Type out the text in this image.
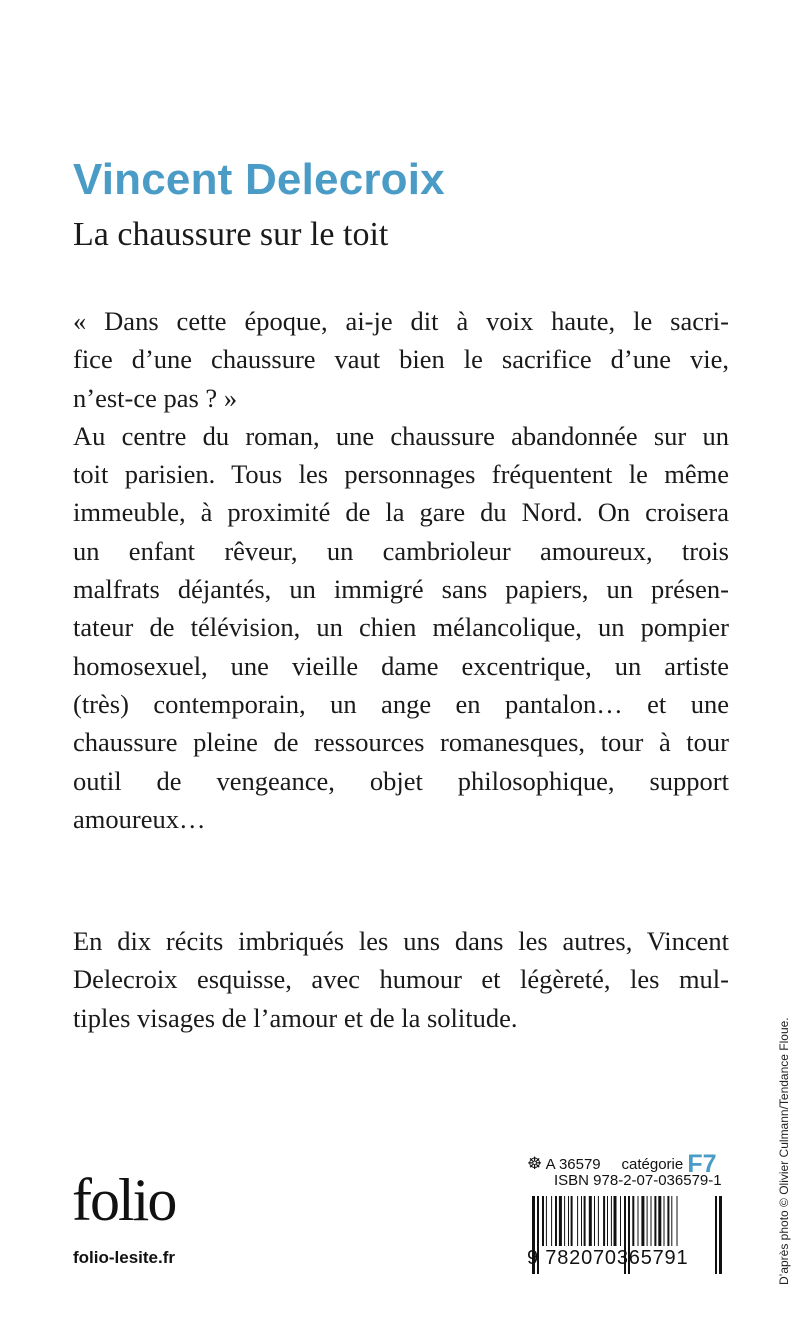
Vincent Delecroix
La chaussure sur le toit
« Dans cette époque, ai-je dit à voix haute, le sacri-
fice d’une chaussure vaut bien le sacrifice d’une vie,
n’est-ce pas ? »
Au centre du roman, une chaussure abandonnée sur un
toit parisien. Tous les personnages fréquentent le même
immeuble, à proximité de la gare du Nord. On croisera
un enfant rêveur, un cambrioleur amoureux, trois
malfrats déjantés, un immigré sans papiers, un présen-
tateur de télévision, un chien mélancolique, un pompier
homosexuel, une vieille dame excentrique, un artiste
(très) contemporain, un ange en pantalon… et une
chaussure pleine de ressources romanesques, tour à tour
outil de vengeance, objet philosophique, support
amoureux…
En dix récits imbriqués les uns dans les autres, Vincent
Delecroix esquisse, avec humour et légèreté, les mul-
tiples visages de l’amour et de la solitude.	D’après photo © Olivier Culmann/Tendance Floue.
folio
folio-lesite.fr
☸ A 36579 catégorie F7
ISBN 978-2-07-036579-1
9 782070365791
